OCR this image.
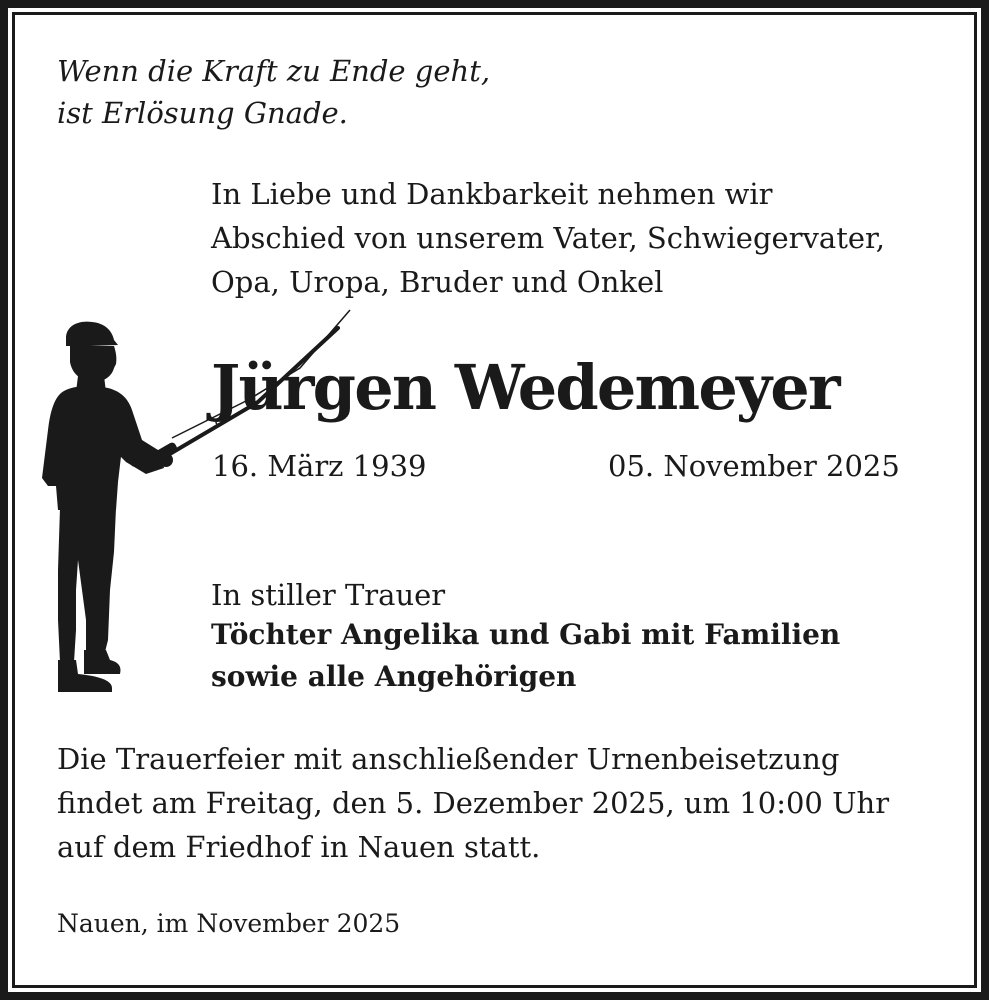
Wenn die Kraft zu Ende geht,
ist Erlösung Gnade.
In Liebe und Dankbarkeit nehmen wir
Abschied von unserem Vater, Schwiegervater,
Opa, Uropa, Bruder und Onkel
Jürgen Wedemeyer
16. März 1939	05. November 2025
In stiller Trauer
Töchter Angelika und Gabi mit Familien
sowie alle Angehörigen
Die Trauerfeier mit anschließender Urnenbeisetzung
findet am Freitag, den 5. Dezember 2025, um 10:00 Uhr
auf dem Friedhof in Nauen statt.
Nauen, im November 2025
